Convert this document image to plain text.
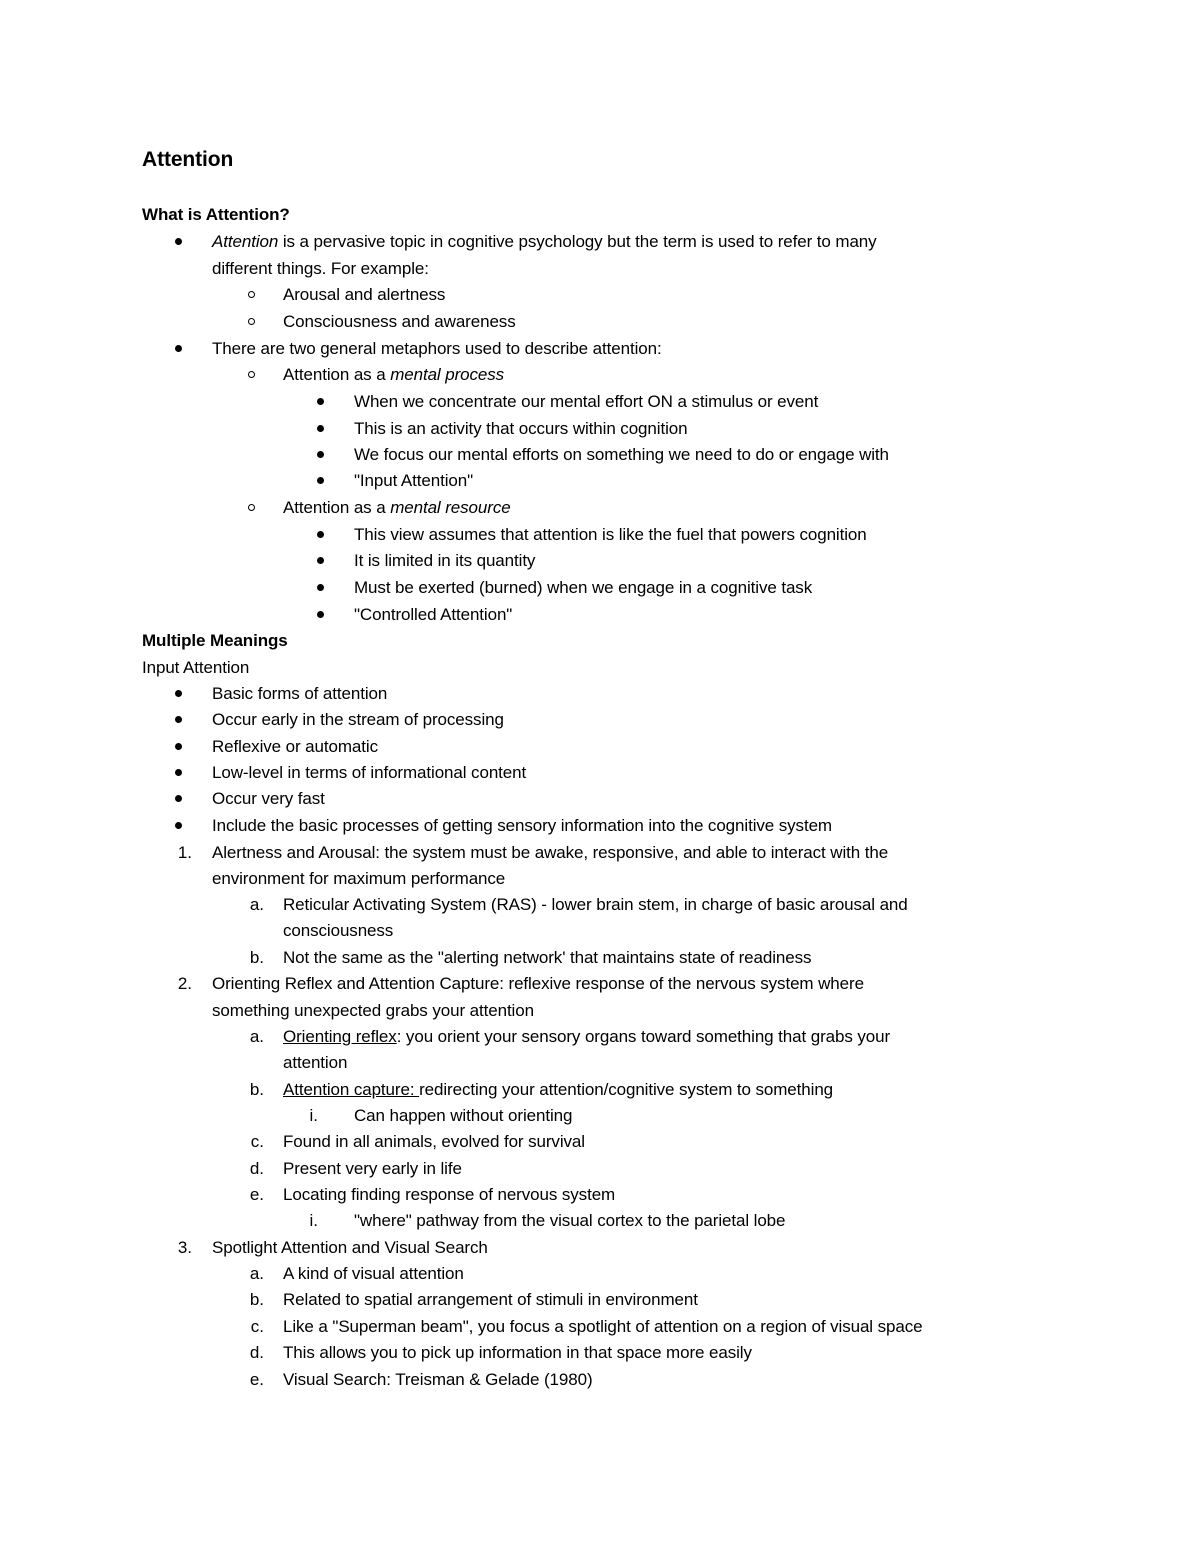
Attention
What is Attention?
Attention is a pervasive topic in cognitive psychology but the term is used to refer to many
different things. For example:
Arousal and alertness
Consciousness and awareness
There are two general metaphors used to describe attention:
Attention as a mental process
When we concentrate our mental effort ON a stimulus or event
This is an activity that occurs within cognition
We focus our mental efforts on something we need to do or engage with
"Input Attention"
Attention as a mental resource
This view assumes that attention is like the fuel that powers cognition
It is limited in its quantity
Must be exerted (burned) when we engage in a cognitive task
"Controlled Attention"
Multiple Meanings
Input Attention
Basic forms of attention
Occur early in the stream of processing
Reflexive or automatic
Low-level in terms of informational content
Occur very fast
Include the basic processes of getting sensory information into the cognitive system
1. Alertness and Arousal: the system must be awake, responsive, and able to interact with the
environment for maximum performance
a. Reticular Activating System (RAS) - lower brain stem, in charge of basic arousal and
consciousness
b. Not the same as the "alerting network' that maintains state of readiness
2. Orienting Reflex and Attention Capture: reflexive response of the nervous system where
something unexpected grabs your attention
a. Orienting reflex: you orient your sensory organs toward something that grabs your
attention
b. Attention capture: redirecting your attention/cognitive system to something
i. Can happen without orienting
c. Found in all animals, evolved for survival
d. Present very early in life
e. Locating finding response of nervous system
i. "where" pathway from the visual cortex to the parietal lobe
3. Spotlight Attention and Visual Search
a. A kind of visual attention
b. Related to spatial arrangement of stimuli in environment
c. Like a "Superman beam", you focus a spotlight of attention on a region of visual space
d. This allows you to pick up information in that space more easily
e. Visual Search: Treisman & Gelade (1980)
